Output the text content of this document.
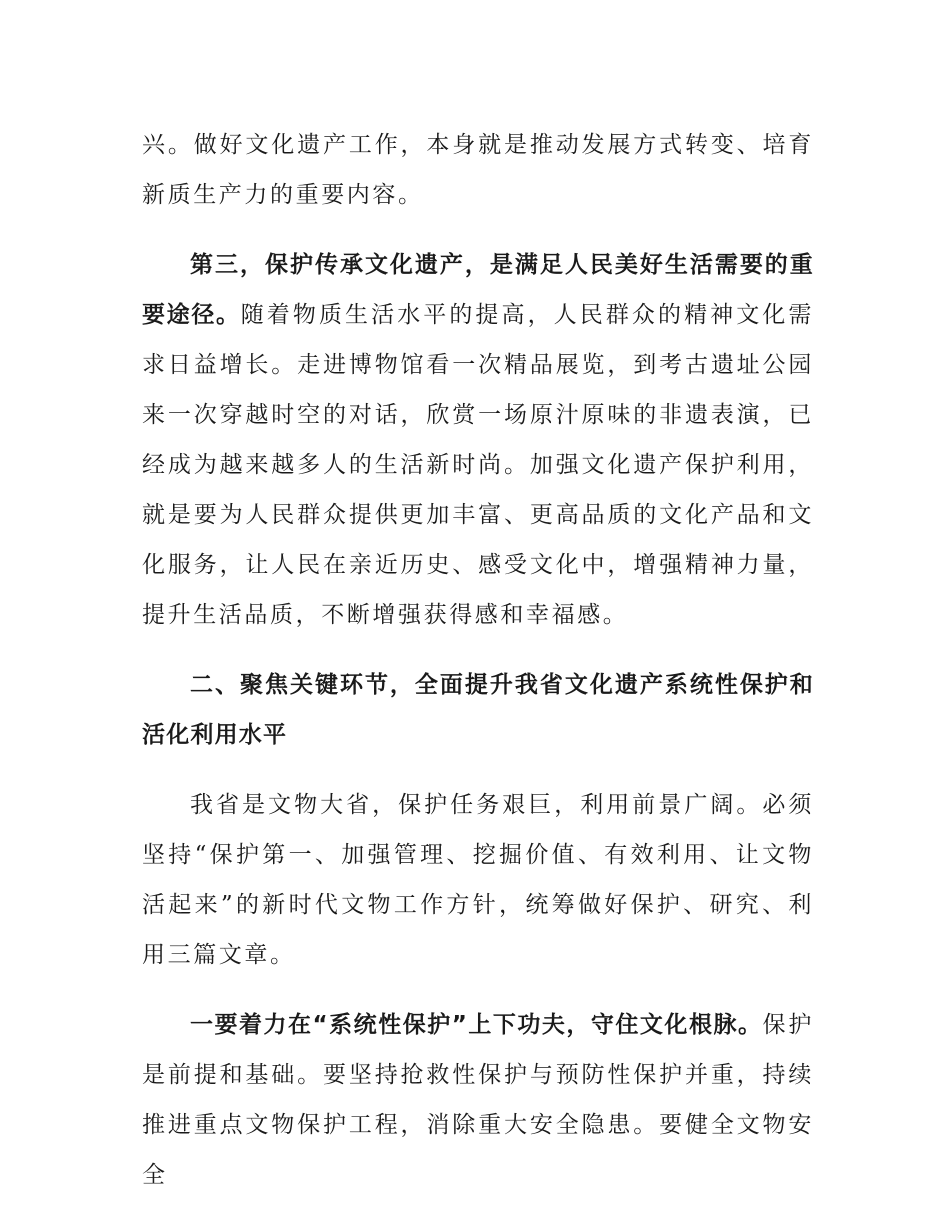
兴。做好文化遗产工作，本身就是推动发展方式转变、培育新质生产力的重要内容。

第三，保护传承文化遗产，是满足人民美好生活需要的重要途径。随着物质生活水平的提高，人民群众的精神文化需求日益增长。走进博物馆看一次精品展览，到考古遗址公园来一次穿越时空的对话，欣赏一场原汁原味的非遗表演，已经成为越来越多人的生活新时尚。加强文化遗产保护利用，就是要为人民群众提供更加丰富、更高品质的文化产品和文化服务，让人民在亲近历史、感受文化中，增强精神力量，提升生活品质，不断增强获得感和幸福感。

二、聚焦关键环节，全面提升我省文化遗产系统性保护和活化利用水平

我省是文物大省，保护任务艰巨，利用前景广阔。必须坚持“保护第一、加强管理、挖掘价值、有效利用、让文物活起来”的新时代文物工作方针，统筹做好保护、研究、利用三篇文章。

一要着力在“系统性保护”上下功夫，守住文化根脉。保护是前提和基础。要坚持抢救性保护与预防性保护并重，持续推进重点文物保护工程，消除重大安全隐患。要健全文物安全
